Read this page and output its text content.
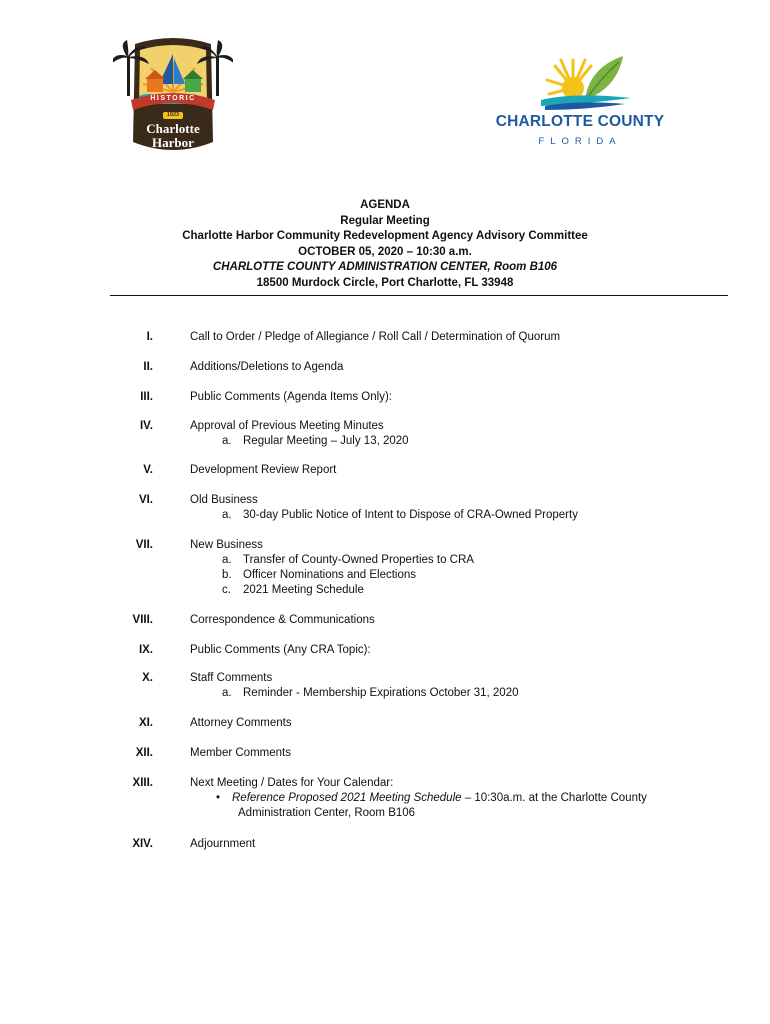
HISTORIC
1923
Charlotte
Harbor
CHARLOTTE COUNTY
FLORIDA
AGENDA
Regular Meeting
Charlotte Harbor Community Redevelopment Agency Advisory Committee
OCTOBER 05, 2020 – 10:30 a.m.
CHARLOTTE COUNTY ADMINISTRATION CENTER, Room B106
18500 Murdock Circle, Port Charlotte, FL 33948
I.	Call to Order / Pledge of Allegiance / Roll Call / Determination of Quorum
II.	Additions/Deletions to Agenda
III.	Public Comments (Agenda Items Only):
IV.	Approval of Previous Meeting Minutes
a. Regular Meeting – July 13, 2020
V.	Development Review Report
VI.	Old Business
a. 30-day Public Notice of Intent to Dispose of CRA-Owned Property
VII.	New Business
a. Transfer of County-Owned Properties to CRA
b. Officer Nominations and Elections
c. 2021 Meeting Schedule
VIII.	Correspondence & Communications
IX.	Public Comments (Any CRA Topic):
X.	Staff Comments
a. Reminder - Membership Expirations October 31, 2020
XI.	Attorney Comments
XII.	Member Comments
XIII.	Next Meeting / Dates for Your Calendar:
• Reference Proposed 2021 Meeting Schedule – 10:30a.m. at the Charlotte County
Administration Center, Room B106
XIV.	Adjournment
